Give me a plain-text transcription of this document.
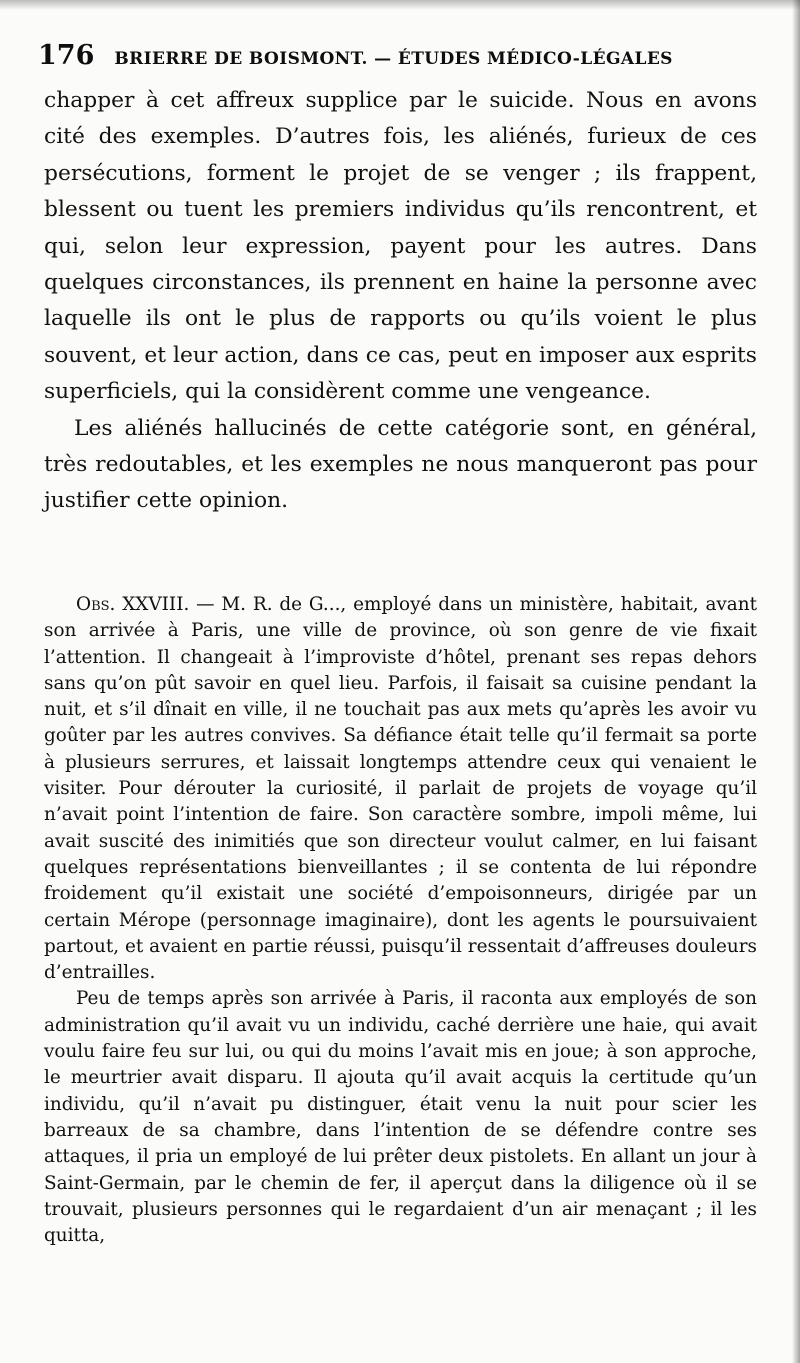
176 BRIERRE DE BOISMONT. — ÉTUDES MÉDICO-LÉGALES

chapper à cet affreux supplice par le suicide. Nous en avons cité des exemples. D’autres fois, les aliénés, furieux de ces persécutions, forment le projet de se venger ; ils frappent, blessent ou tuent les premiers individus qu’ils rencontrent, et qui, selon leur expression, payent pour les autres. Dans quelques circonstances, ils prennent en haine la personne avec laquelle ils ont le plus de rapports ou qu’ils voient le plus souvent, et leur action, dans ce cas, peut en imposer aux esprits superficiels, qui la considèrent comme une vengeance.

Les aliénés hallucinés de cette catégorie sont, en général, très redoutables, et les exemples ne nous manqueront pas pour justifier cette opinion.

Obs. XXVIII. — M. R. de G..., employé dans un ministère, habitait, avant son arrivée à Paris, une ville de province, où son genre de vie fixait l’attention. Il changeait à l’improviste d’hôtel, prenant ses repas dehors sans qu’on pût savoir en quel lieu. Parfois, il faisait sa cuisine pendant la nuit, et s’il dînait en ville, il ne touchait pas aux mets qu’après les avoir vu goûter par les autres convives. Sa défiance était telle qu’il fermait sa porte à plusieurs serrures, et laissait longtemps attendre ceux qui venaient le visiter. Pour dérouter la curiosité, il parlait de projets de voyage qu’il n’avait point l’intention de faire. Son caractère sombre, impoli même, lui avait suscité des inimitiés que son directeur voulut calmer, en lui faisant quelques représentations bienveillantes ; il se contenta de lui répondre froidement qu’il existait une société d’empoisonneurs, dirigée par un certain Mérope (personnage imaginaire), dont les agents le poursuivaient partout, et avaient en partie réussi, puisqu’il ressentait d’affreuses douleurs d’entrailles.

Peu de temps après son arrivée à Paris, il raconta aux employés de son administration qu’il avait vu un individu, caché derrière une haie, qui avait voulu faire feu sur lui, ou qui du moins l’avait mis en joue; à son approche, le meurtrier avait disparu. Il ajouta qu’il avait acquis la certitude qu’un individu, qu’il n’avait pu distinguer, était venu la nuit pour scier les barreaux de sa chambre, dans l’intention de se défendre contre ses attaques, il pria un employé de lui prêter deux pistolets. En allant un jour à Saint-Germain, par le chemin de fer, il aperçut dans la diligence où il se trouvait, plusieurs personnes qui le regardaient d’un air menaçant ; il les quitta,
